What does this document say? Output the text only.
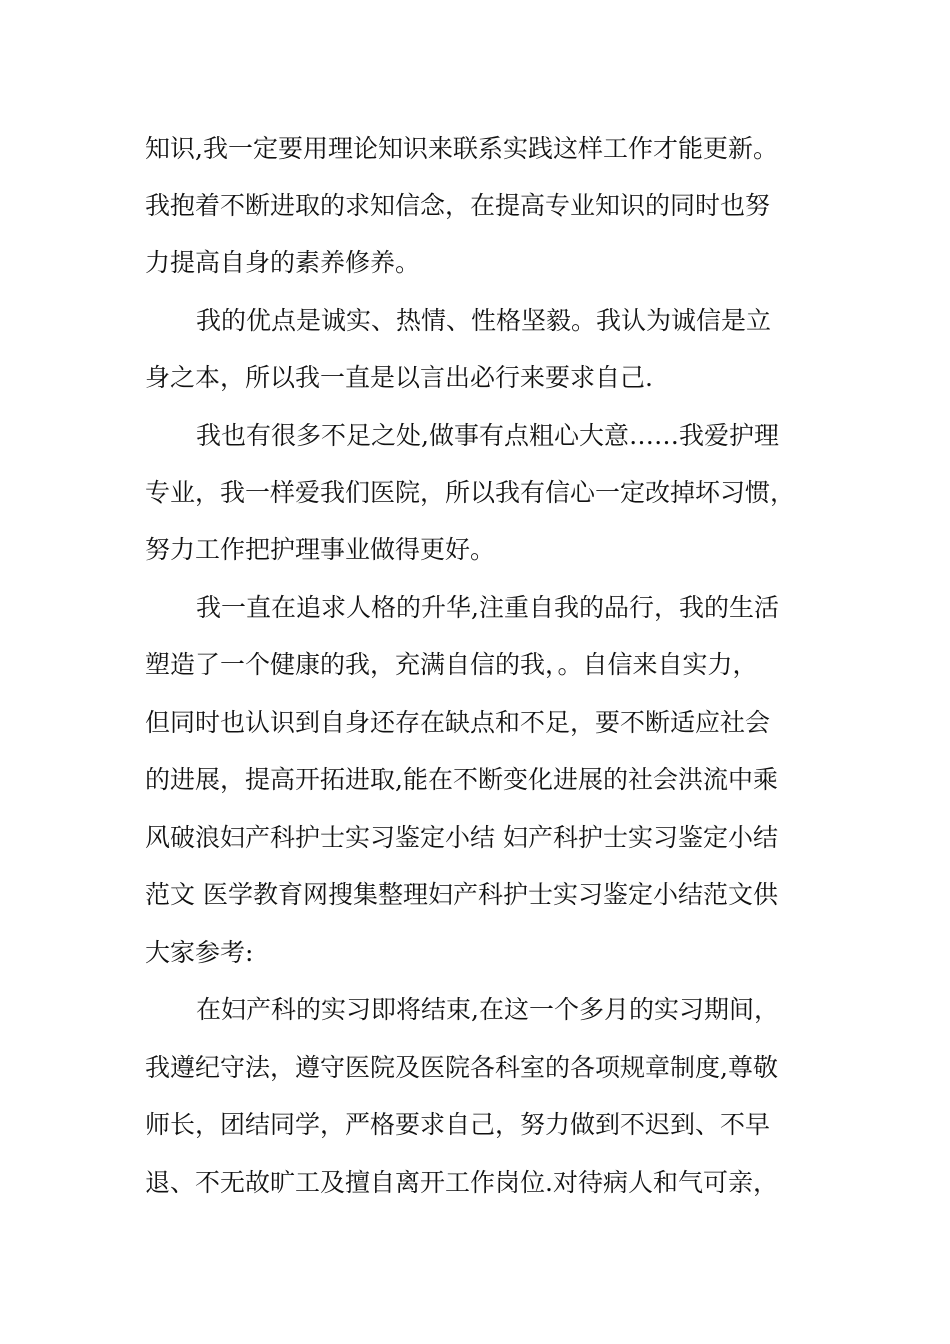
知识,我一定要用理论知识来联系实践这样工作才能更新。
我抱着不断进取的求知信念，在提高专业知识的同时也努
力提高自身的素养修养。
我的优点是诚实、热情、性格坚毅。我认为诚信是立
身之本，所以我一直是以言出必行来要求自己.
我也有很多不足之处,做事有点粗心大意……我爱护理
专业，我一样爱我们医院，所以我有信心一定改掉坏习惯，
努力工作把护理事业做得更好。
我一直在追求人格的升华,注重自我的品行，我的生活
塑造了一个健康的我，充满自信的我，。自信来自实力，
但同时也认识到自身还存在缺点和不足，要不断适应社会
的进展，提高开拓进取,能在不断变化进展的社会洪流中乘
风破浪妇产科护士实习鉴定小结 妇产科护士实习鉴定小结
范文 医学教育网搜集整理妇产科护士实习鉴定小结范文供
大家参考:
在妇产科的实习即将结束,在这一个多月的实习期间，
我遵纪守法，遵守医院及医院各科室的各项规章制度,尊敬
师长，团结同学，严格要求自己，努力做到不迟到、不早
退、不无故旷工及擅自离开工作岗位.对待病人和气可亲，
